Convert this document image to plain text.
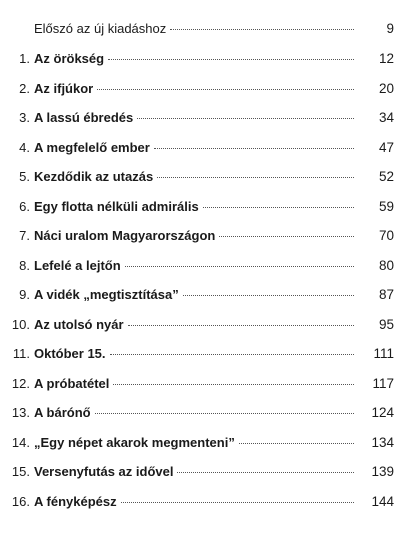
Előszó az új kiadáshoz	9
1. Az örökség	12
2. Az ifjúkor	20
3. A lassú ébredés	34
4. A megfelelő ember	47
5. Kezdődik az utazás	52
6. Egy flotta nélküli admirális	59
7. Náci uralom Magyarországon	70
8. Lefelé a lejtőn	80
9. A vidék „megtisztítása”	87
10. Az utolsó nyár	95
11. Október 15.	111
12. A próbatétel	117
13. A bárónő	124
14. „Egy népet akarok megmenteni”	134
15. Versenyfutás az idővel	139
16. A fényképész	144
